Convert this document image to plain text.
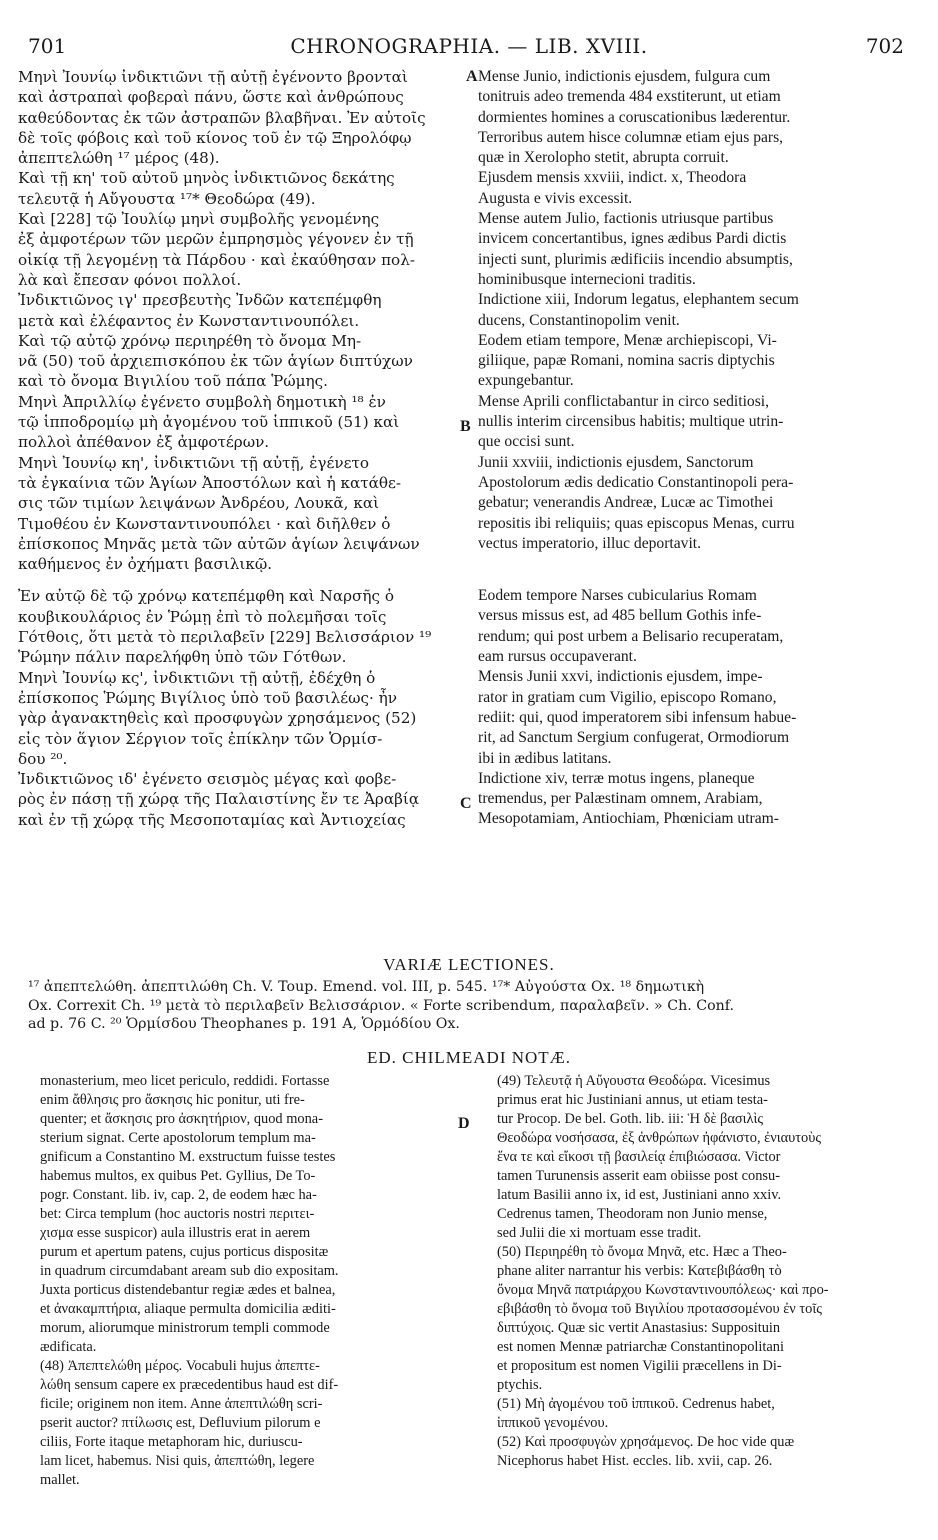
701	CHRONOGRAPHIA. — LIB. XVIII.	702
A
B
C
D

Μηνὶ Ἰουνίῳ ἰνδικτιῶνι τῇ αὐτῇ ἐγένοντο βρονταὶ

καὶ ἀστραπαὶ φοβεραὶ πάνυ, ὥστε καὶ ἀνθρώπους

καθεύδοντας ἐκ τῶν ἀστραπῶν βλαβῆναι. Ἐν αὐτοῖς

δὲ τοῖς φόβοις καὶ τοῦ κίονος τοῦ ἐν τῷ Ξηρολόφῳ

ἀπεπτελώθη ¹⁷ μέρος (48).

Καὶ τῇ κη' τοῦ αὐτοῦ μηνὸς ἰνδικτιῶνος δεκάτης

τελευτᾷ ἡ Αὔγουστα ¹⁷* Θεοδώρα (49).

Καὶ [228] τῷ Ἰουλίῳ μηνὶ συμβολῆς γενομένης

ἐξ ἀμφοτέρων τῶν μερῶν ἐμπρησμὸς γέγονεν ἐν τῇ

οἰκίᾳ τῇ λεγομένῃ τὰ Πάρδου · καὶ ἐκαύθησαν πολ-

λὰ καὶ ἔπεσαν φόνοι πολλοί.

Ἰνδικτιῶνος ιγ' πρεσβευτὴς Ἰνδῶν κατεπέμφθη

μετὰ καὶ ἐλέφαντος ἐν Κωνσταντινουπόλει.

Καὶ τῷ αὐτῷ χρόνῳ περιηρέθη τὸ ὄνομα Μη-

νᾶ (50) τοῦ ἀρχιεπισκόπου ἐκ τῶν ἁγίων διπτύχων

καὶ τὸ ὄνομα Βιγιλίου τοῦ πάπα Ῥώμης.

Μηνὶ Ἀπριλλίῳ ἐγένετο συμβολὴ δημοτικὴ ¹⁸ ἐν

τῷ ἱπποδρομίῳ μὴ ἀγομένου τοῦ ἱππικοῦ (51) καὶ

πολλοὶ ἀπέθανον ἐξ ἀμφοτέρων.

Μηνὶ Ἰουνίῳ κη', ἰνδικτιῶνι τῇ αὐτῇ, ἐγένετο

τὰ ἐγκαίνια τῶν Ἁγίων Ἀποστόλων καὶ ἡ κατάθε-

σις τῶν τιμίων λειψάνων Ἀνδρέου, Λουκᾶ, καὶ

Τιμοθέου ἐν Κωνσταντινουπόλει · καὶ διῆλθεν ὁ

ἐπίσκοπος Μηνᾶς μετὰ τῶν αὐτῶν ἁγίων λειψάνων

καθήμενος ἐν ὀχήματι βασιλικῷ.

Ἐν αὐτῷ δὲ τῷ χρόνῳ κατεπέμφθη καὶ Ναρσῆς ὁ

κουβικουλάριος ἐν Ῥώμῃ ἐπὶ τὸ πολεμῆσαι τοῖς

Γότθοις, ὅτι μετὰ τὸ περιλαβεῖν [229] Βελισσάριον ¹⁹

Ῥώμην πάλιν παρελήφθη ὑπὸ τῶν Γότθων.

Μηνὶ Ἰουνίῳ κς', ἰνδικτιῶνι τῇ αὐτῇ, ἐδέχθη ὁ

ἐπίσκοπος Ῥώμης Βιγίλιος ὑπὸ τοῦ βασιλέως· ἦν

γὰρ ἀγανακτηθεὶς καὶ προσφυγὼν χρησάμενος (52)

εἰς τὸν ἅγιον Σέργιον τοῖς ἐπίκλην τῶν Ὁρμίσ-

δου ²⁰.

Ἰνδικτιῶνος ιδ' ἐγένετο σεισμὸς μέγας καὶ φοβε-

ρὸς ἐν πάσῃ τῇ χώρᾳ τῆς Παλαιστίνης ἔν τε Ἀραβίᾳ

καὶ ἐν τῇ χώρᾳ τῆς Μεσοποταμίας καὶ Ἀντιοχείας

Mense Junio, indictionis ejusdem, fulgura cum

tonitruis adeo tremenda 484 exstiterunt, ut etiam

dormientes homines a coruscationibus læderentur.

Terroribus autem hisce columnæ etiam ejus pars,

quæ in Xerolopho stetit, abrupta corruit.

Ejusdem mensis xxviii, indict. x, Theodora

Augusta e vivis excessit.

Mense autem Julio, factionis utriusque partibus

invicem concertantibus, ignes ædibus Pardi dictis

injecti sunt, plurimis ædificiis incendio absumptis,

hominibusque internecioni traditis.

Indictione xiii, Indorum legatus, elephantem secum

ducens, Constantinopolim venit.

Eodem etiam tempore, Menæ archiepiscopi, Vi-

giliique, papæ Romani, nomina sacris diptychis

expungebantur.

Mense Aprili conflictabantur in circo seditiosi,

nullis interim circensibus habitis; multique utrin-

que occisi sunt.

Junii xxviii, indictionis ejusdem, Sanctorum

Apostolorum ædis dedicatio Constantinopoli pera-

gebatur; venerandis Andreæ, Lucæ ac Timothei

repositis ibi reliquiis; quas episcopus Menas, curru

vectus imperatorio, illuc deportavit.

Eodem tempore Narses cubicularius Romam

versus missus est, ad 485 bellum Gothis infe-

rendum; qui post urbem a Belisario recuperatam,

eam rursus occupaverant.

Mensis Junii xxvi, indictionis ejusdem, impe-

rator in gratiam cum Vigilio, episcopo Romano,

rediit: qui, quod imperatorem sibi infensum habue-

rit, ad Sanctum Sergium confugerat, Ormodiorum

ibi in ædibus latitans.

Indictione xiv, terræ motus ingens, planeque

tremendus, per Palæstinam omnem, Arabiam,

Mesopotamiam, Antiochiam, Phœniciam utram-

VARIÆ LECTIONES.

¹⁷ ἀπεπτελώθη. ἀπεπτιλώθη Ch. V. Toup. Emend. vol. III, p. 545. ¹⁷* Αὐγούστα Ox. ¹⁸ δημωτικὴ

Ox. Correxit Ch. ¹⁹ μετὰ τὸ περιλαβεῖν Βελισσάριον. « Forte scribendum, παραλαβεῖν. » Ch. Conf.

ad p. 76 C. ²⁰ Ὁρμίσδου Theophanes p. 191 A, Ὁρμόδίου Ox.

ED. CHILMEADI NOTÆ.

monasterium, meo licet periculo, reddidi. Fortasse

enim ἄθλησις pro ἄσκησις hic ponitur, uti fre-

quenter; et ἄσκησις pro ἀσκητήριον, quod mona-

sterium signat. Certe apostolorum templum ma-

gnificum a Constantino M. exstructum fuisse testes

habemus multos, ex quibus Pet. Gyllius, De To-

pogr. Constant. lib. iv, cap. 2, de eodem hæc ha-

bet: Circa templum (hoc auctoris nostri περιτει-

χισμα esse suspicor) aula illustris erat in aerem

purum et apertum patens, cujus porticus dispositæ

in quadrum circumdabant aream sub dio expositam.

Juxta porticus distendebantur regiæ ædes et balnea,

et ἀνακαμπτήρια, aliaque permulta domicilia æditi-

morum, aliorumque ministrorum templi commode

ædificata.

(48) Ἀπεπτελώθη μέρος. Vocabuli hujus ἀπεπτε-

λώθη sensum capere ex præcedentibus haud est dif-

ficile; originem non item. Anne ἀπεπτιλώθη scri-

pserit auctor? πτίλωσις est, Defluvium pilorum e

ciliis, Forte itaque metaphoram hic, duriuscu-

lam licet, habemus. Nisi quis, ἀπεπτώθη, legere

mallet.

(49) Τελευτᾷ ἡ Αὔγουστα Θεοδώρα. Vicesimus

primus erat hic Justiniani annus, ut etiam testa-

tur Procop. De bel. Goth. lib. iii: Ἡ δὲ βασιλὶς

Θεοδώρα νοσήσασα, ἐξ ἀνθρώπων ἠφάνιστο, ἐνιαυτοὺς

ἕνα τε καὶ εἴκοσι τῇ βασιλείᾳ ἐπιβιώσασα. Victor

tamen Turunensis asserit eam obiisse post consu-

latum Basilii anno ix, id est, Justiniani anno xxiv.

Cedrenus tamen, Theodoram non Junio mense,

sed Julii die xi mortuam esse tradit.

(50) Περιηρέθη τὸ ὄνομα Μηνᾶ, etc. Hæc a Theo-

phane aliter narrantur his verbis: Κατεβιβάσθη τὸ

ὄνομα Μηνᾶ πατριάρχου Κωνσταντινουπόλεως· καὶ προ-

εβιβάσθη τὸ ὄνομα τοῦ Βιγιλίου προτασσομένου ἐν τοῖς

διπτύχοις. Quæ sic vertit Anastasius: Supposituin

est nomen Mennæ patriarchæ Constantinopolitani

et propositum est nomen Vigilii præcellens in Di-

ptychis.

(51) Μὴ ἀγομένου τοῦ ἱππικοῦ. Cedrenus habet,

ἱππικοῦ γενομένου.

(52) Καὶ προσφυγὼν χρησάμενος. De hoc vide quæ

Nicephorus habet Hist. eccles. lib. xvii, cap. 26.
